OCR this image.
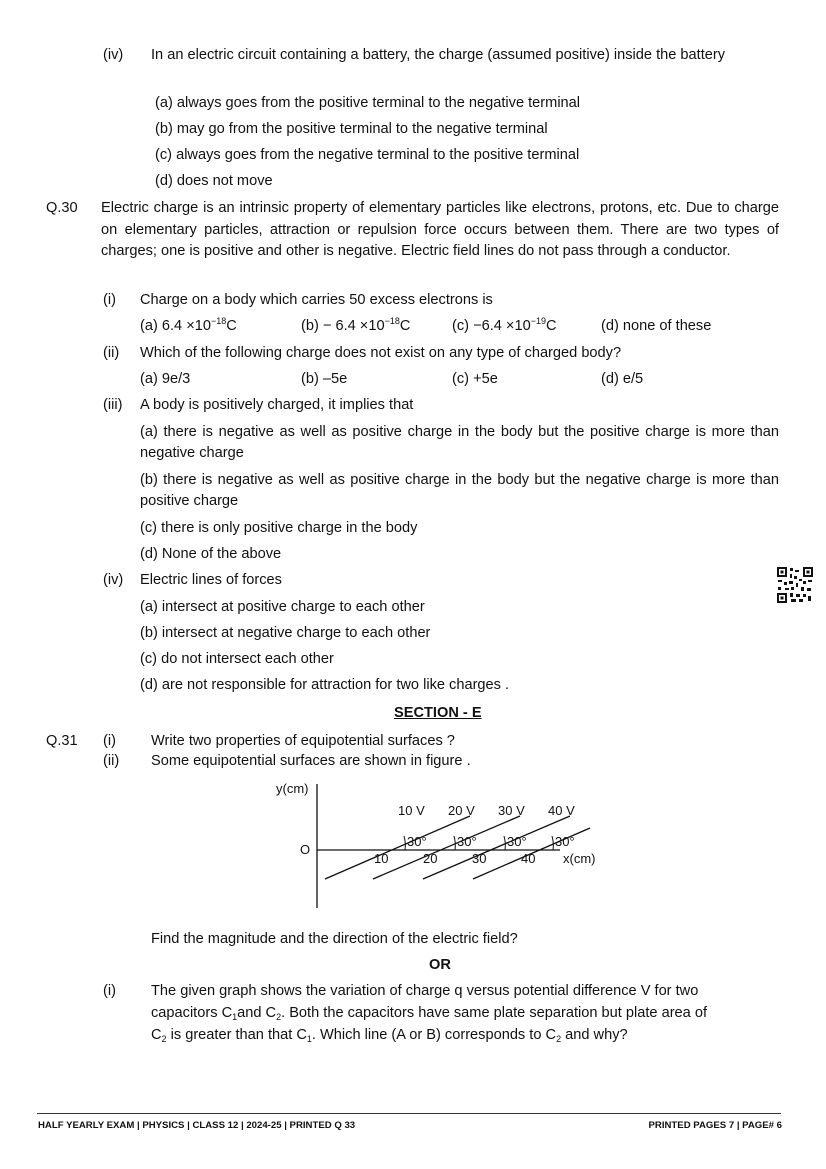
(iv) In an electric circuit containing a battery, the charge (assumed positive) inside the battery
(a) always goes from the positive terminal to the negative terminal
(b) may go from the positive terminal to the negative terminal
(c) always goes from the negative terminal to the positive terminal
(d) does not move
Q.30 Electric charge is an intrinsic property of elementary particles like electrons, protons, etc. Due to charge on elementary particles, attraction or repulsion force occurs between them. There are two types of charges; one is positive and other is negative. Electric field lines do not pass through a conductor.
(i) Charge on a body which carries 50 excess electrons is
(a) $6.4 \times 10^{-18}C$	$(b) - 6.4 \times 10^{-18}C$	$(c) -6.4 \times 10^{-19}C$	(d) none of these
(ii) Which of the following charge does not exist on any type of charged body?
(a) 9e/3	(b) –5e	(c) +5e	(d) e/5
(iii) A body is positively charged, it implies that
(a) there is negative as well as positive charge in the body but the positive charge is more than negative charge
(b) there is negative as well as positive charge in the body but the negative charge is more than positive charge
(c) there is only positive charge in the body
(d) None of the above
(iv) Electric lines of forces
(a) intersect at positive charge to each other
(b) intersect at negative charge to each other
(c) do not intersect each other
(d) are not responsible for attraction for two like charges .
SECTION - E
Q.31 (i) Write two properties of equipotential surfaces ?
(ii) Some equipotential surfaces are shown in figure .
y(cm)
O
x(cm)
10 V 20 V 30 V 40 V
30° 30° 30° 30°
10	20	30	40
Find the magnitude and the direction of the electric field?
OR
(i) The given graph shows the variation of charge q versus potential difference V for two
capacitors $C_1and$ $C_2$. Both the capacitors have same plate separation but plate area of
$C_2$ is greater than that $C_1$. Which line (A or B) corresponds to $C_2$ and why?
HALF YEARLY EXAM | PHYSICS | CLASS 12 | 2024-25 | PRINTED Q 33	PRINTED PAGES 7 | PAGE# 6
